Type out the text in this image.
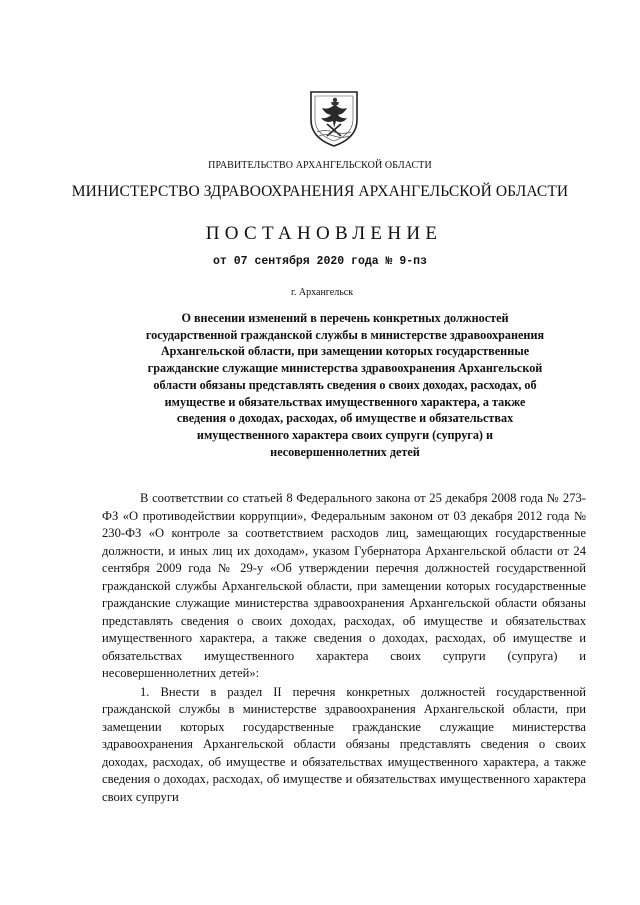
ПРАВИТЕЛЬСТВО АРХАНГЕЛЬСКОЙ ОБЛАСТИ
МИНИСТЕРСТВО ЗДРАВООХРАНЕНИЯ АРХАНГЕЛЬСКОЙ ОБЛАСТИ
ПОСТАНОВЛЕНИЕ
от 07 сентября 2020 года № 9-пз
г. Архангельск
О внесении изменений в перечень конкретных должностей
государственной гражданской службы в министерстве здравоохранения
Архангельской области, при замещении которых государственные
гражданские служащие министерства здравоохранения Архангельской
области обязаны представлять сведения о своих доходах, расходах, об
имуществе и обязательствах имущественного характера, а также
сведения о доходах, расходах, об имуществе и обязательствах
имущественного характера своих супруги (супруга) и
несовершеннолетних детей

В соответствии со статьей 8 Федерального закона от 25 декабря 2008 года № 273-ФЗ «О противодействии коррупции», Федеральным законом от 03 декабря 2012 года № 230-ФЗ «О контроле за соответствием расходов лиц, замещающих государственные должности, и иных лиц их доходам», указом Губернатора Архангельской области от 24 сентября 2009 года № 29-у «Об утверждении перечня должностей государственной гражданской службы Архангельской области, при замещении которых государственные гражданские служащие министерства здравоохранения Архангельской области обязаны представлять сведения о своих доходах, расходах, об имуществе и обязательствах имущественного характера, а также сведения о доходах, расходах, об имуществе и обязательствах имущественного характера своих супруги (супруга) и несовершеннолетних детей»:

1. Внести в раздел II перечня конкретных должностей государственной гражданской службы в министерстве здравоохранения Архангельской области, при замещении которых государственные гражданские служащие министерства здравоохранения Архангельской области обязаны представлять сведения о своих доходах, расходах, об имуществе и обязательствах имущественного характера, а также сведения о доходах, расходах, об имуществе и обязательствах имущественного характера своих супруги
